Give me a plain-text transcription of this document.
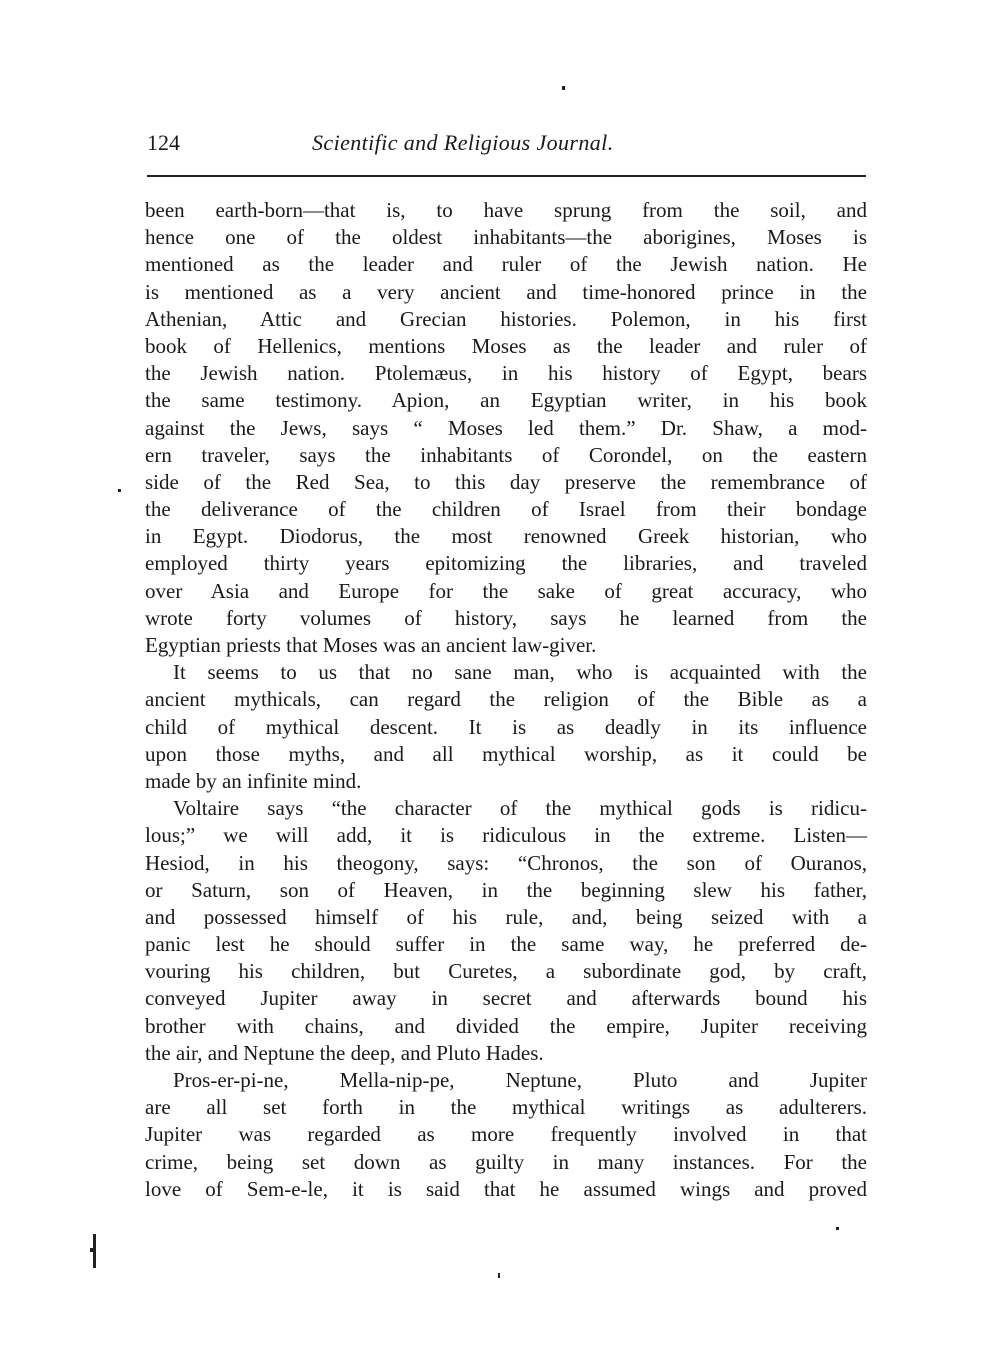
124	Scientific and Religious Journal.
been earth-born—that is, to have sprung from the soil, and
hence one of the oldest inhabitants—the aborigines, Moses is
mentioned as the leader and ruler of the Jewish nation. He
is mentioned as a very ancient and time-honored prince in the
Athenian, Attic and Grecian histories. Polemon, in his first
book of Hellenics, mentions Moses as the leader and ruler of
the Jewish nation. Ptolemæus, in his history of Egypt, bears
the same testimony. Apion, an Egyptian writer, in his book
against the Jews, says “ Moses led them.” Dr. Shaw, a mod-
ern traveler, says the inhabitants of Corondel, on the eastern
side of the Red Sea, to this day preserve the remembrance of
the deliverance of the children of Israel from their bondage
in Egypt. Diodorus, the most renowned Greek historian, who
employed thirty years epitomizing the libraries, and traveled
over Asia and Europe for the sake of great accuracy, who
wrote forty volumes of history, says he learned from the
Egyptian priests that Moses was an ancient law-giver.
It seems to us that no sane man, who is acquainted with the
ancient mythicals, can regard the religion of the Bible as a
child of mythical descent. It is as deadly in its influence
upon those myths, and all mythical worship, as it could be
made by an infinite mind.
Voltaire says “the character of the mythical gods is ridicu-
lous;” we will add, it is ridiculous in the extreme. Listen—
Hesiod, in his theogony, says: “Chronos, the son of Ouranos,
or Saturn, son of Heaven, in the beginning slew his father,
and possessed himself of his rule, and, being seized with a
panic lest he should suffer in the same way, he preferred de-
vouring his children, but Curetes, a subordinate god, by craft,
conveyed Jupiter away in secret and afterwards bound his
brother with chains, and divided the empire, Jupiter receiving
the air, and Neptune the deep, and Pluto Hades.
Pros-er-pi-ne, Mella-nip-pe, Neptune, Pluto and Jupiter
are all set forth in the mythical writings as adulterers.
Jupiter was regarded as more frequently involved in that
crime, being set down as guilty in many instances. For the
love of Sem-e-le, it is said that he assumed wings and proved
